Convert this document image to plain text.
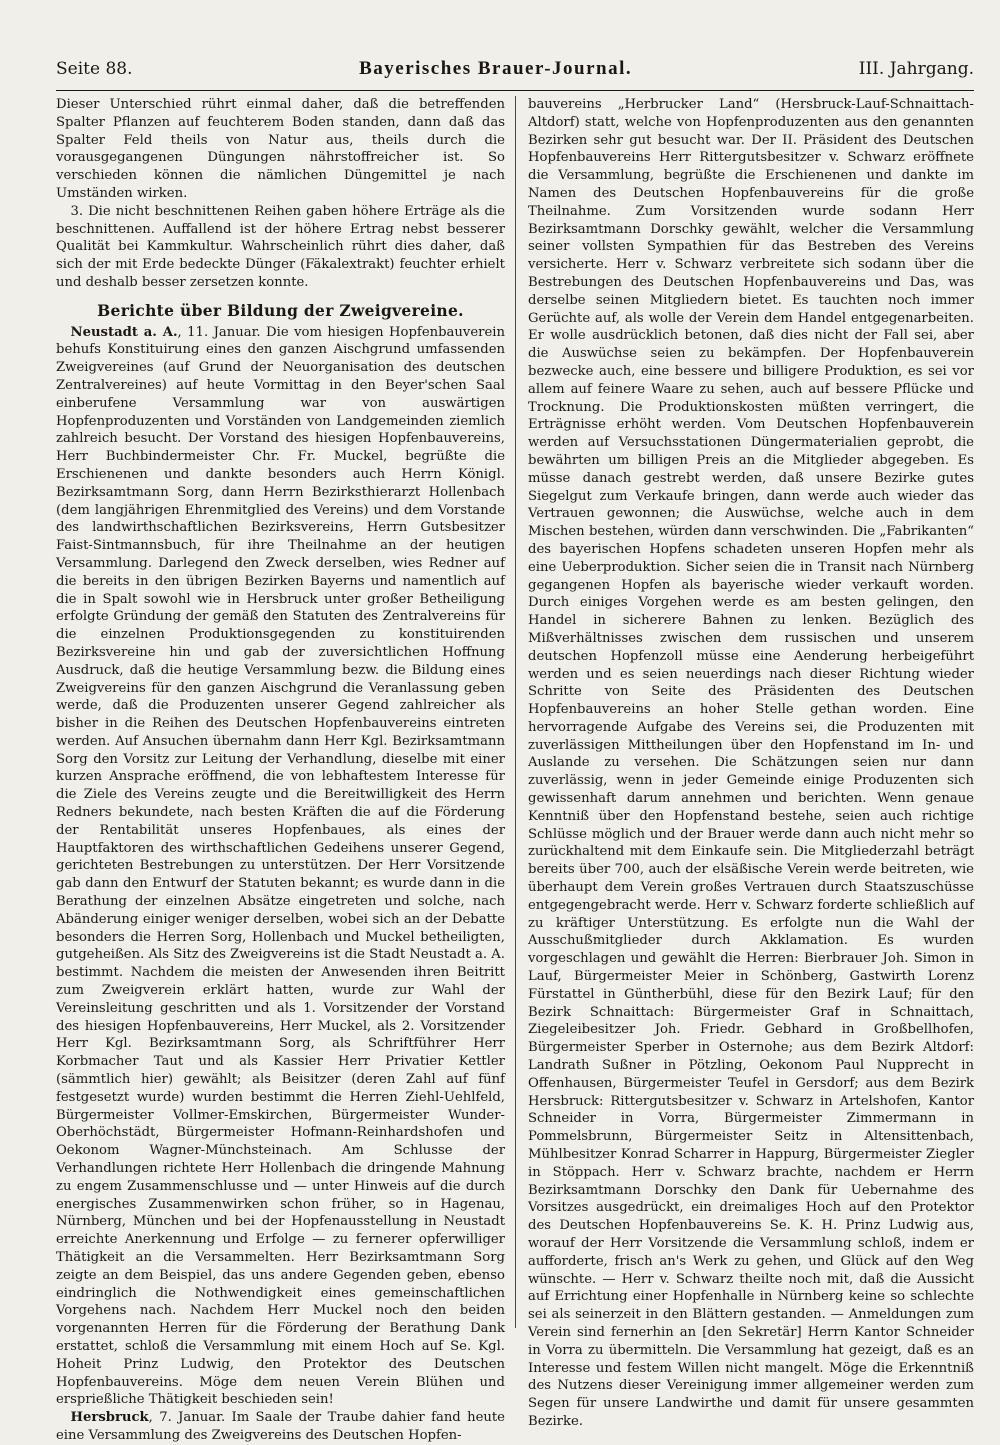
Seite 88.	Bayerisches Brauer-Journal.	III. Jahrgang.

Dieser Unterschied rührt einmal daher, daß die betreffenden Spalter Pflanzen auf feuchterem Boden standen, dann daß das Spalter Feld theils von Natur aus, theils durch die vorausgegangenen Düngungen nährstoffreicher ist. So verschieden können die nämlichen Düngemittel je nach Umständen wirken.

3. Die nicht beschnittenen Reihen gaben höhere Erträge als die beschnittenen. Auffallend ist der höhere Ertrag nebst besserer Qualität bei Kammkultur. Wahrscheinlich rührt dies daher, daß sich der mit Erde bedeckte Dünger (Fäkalextrakt) feuchter erhielt und deshalb besser zersetzen konnte.

Berichte über Bildung der Zweigvereine.

Neustadt a. A., 11. Januar. Die vom hiesigen Hopfenbauverein behufs Konstituirung eines den ganzen Aischgrund umfassenden Zweigvereines (auf Grund der Neuorganisation des deutschen Zentralvereines) auf heute Vormittag in den Beyer'schen Saal einberufene Versammlung war von auswärtigen Hopfenproduzenten und Vorständen von Landgemeinden ziemlich zahlreich besucht. Der Vorstand des hiesigen Hopfenbauvereins, Herr Buchbindermeister Chr. Fr. Muckel, begrüßte die Erschienenen und dankte besonders auch Herrn Königl. Bezirksamtmann Sorg, dann Herrn Bezirksthierarzt Hollenbach (dem langjährigen Ehrenmitglied des Vereins) und dem Vorstande des landwirthschaftlichen Bezirksvereins, Herrn Gutsbesitzer Faist-Sintmannsbuch, für ihre Theilnahme an der heutigen Versammlung. Darlegend den Zweck derselben, wies Redner auf die bereits in den übrigen Bezirken Bayerns und namentlich auf die in Spalt sowohl wie in Hersbruck unter großer Betheiligung erfolgte Gründung der gemäß den Statuten des Zentralvereins für die einzelnen Produktionsgegenden zu konstituirenden Bezirksvereine hin und gab der zuversichtlichen Hoffnung Ausdruck, daß die heutige Versammlung bezw. die Bildung eines Zweigvereins für den ganzen Aischgrund die Veranlassung geben werde, daß die Produzenten unserer Gegend zahlreicher als bisher in die Reihen des Deutschen Hopfenbauvereins eintreten werden. Auf Ansuchen übernahm dann Herr Kgl. Bezirksamtmann Sorg den Vorsitz zur Leitung der Verhandlung, dieselbe mit einer kurzen Ansprache eröffnend, die von lebhaftestem Interesse für die Ziele des Vereins zeugte und die Bereitwilligkeit des Herrn Redners bekundete, nach besten Kräften die auf die Förderung der Rentabilität unseres Hopfenbaues, als eines der Hauptfaktoren des wirthschaftlichen Gedeihens unserer Gegend, gerichteten Bestrebungen zu unterstützen. Der Herr Vorsitzende gab dann den Entwurf der Statuten bekannt; es wurde dann in die Berathung der einzelnen Absätze eingetreten und solche, nach Abänderung einiger weniger derselben, wobei sich an der Debatte besonders die Herren Sorg, Hollenbach und Muckel betheiligten, gutgeheißen. Als Sitz des Zweigvereins ist die Stadt Neustadt a. A. bestimmt. Nachdem die meisten der Anwesenden ihren Beitritt zum Zweigverein erklärt hatten, wurde zur Wahl der Vereinsleitung geschritten und als 1. Vorsitzender der Vorstand des hiesigen Hopfenbauvereins, Herr Muckel, als 2. Vorsitzender Herr Kgl. Bezirksamtmann Sorg, als Schriftführer Herr Korbmacher Taut und als Kassier Herr Privatier Kettler (sämmtlich hier) gewählt; als Beisitzer (deren Zahl auf fünf festgesetzt wurde) wurden bestimmt die Herren Ziehl-Uehlfeld, Bürgermeister Vollmer-Emskirchen, Bürgermeister Wunder-Oberhöchstädt, Bürgermeister Hofmann-Reinhardshofen und Oekonom Wagner-Münchsteinach. Am Schlusse der Verhandlungen richtete Herr Hollenbach die dringende Mahnung zu engem Zusammenschlusse und — unter Hinweis auf die durch energisches Zusammenwirken schon früher, so in Hagenau, Nürnberg, München und bei der Hopfenausstellung in Neustadt erreichte Anerkennung und Erfolge — zu fernerer opferwilliger Thätigkeit an die Versammelten. Herr Bezirksamtmann Sorg zeigte an dem Beispiel, das uns andere Gegenden geben, ebenso eindringlich die Nothwendigkeit eines gemeinschaftlichen Vorgehens nach. Nachdem Herr Muckel noch den beiden vorgenannten Herren für die Förderung der Berathung Dank erstattet, schloß die Versammlung mit einem Hoch auf Se. Kgl. Hoheit Prinz Ludwig, den Protektor des Deutschen Hopfenbauvereins. Möge dem neuen Verein Blühen und ersprießliche Thätigkeit beschieden sein!

Hersbruck, 7. Januar. Im Saale der Traube dahier fand heute eine Versammlung des Zweigvereins des Deutschen Hopfen-

bauvereins „Herbrucker Land“ (Hersbruck-Lauf-Schnaittach-Altdorf) statt, welche von Hopfenproduzenten aus den genannten Bezirken sehr gut besucht war. Der II. Präsident des Deutschen Hopfenbauvereins Herr Rittergutsbesitzer v. Schwarz eröffnete die Versammlung, begrüßte die Erschienenen und dankte im Namen des Deutschen Hopfenbauvereins für die große Theilnahme. Zum Vorsitzenden wurde sodann Herr Bezirksamtmann Dorschky gewählt, welcher die Versammlung seiner vollsten Sympathien für das Bestreben des Vereins versicherte. Herr v. Schwarz verbreitete sich sodann über die Bestrebungen des Deutschen Hopfenbauvereins und Das, was derselbe seinen Mitgliedern bietet. Es tauchten noch immer Gerüchte auf, als wolle der Verein dem Handel entgegenarbeiten. Er wolle ausdrücklich betonen, daß dies nicht der Fall sei, aber die Auswüchse seien zu bekämpfen. Der Hopfenbauverein bezwecke auch, eine bessere und billigere Produktion, es sei vor allem auf feinere Waare zu sehen, auch auf bessere Pflücke und Trocknung. Die Produktionskosten müßten verringert, die Erträgnisse erhöht werden. Vom Deutschen Hopfenbauverein werden auf Versuchsstationen Düngermaterialien geprobt, die bewährten um billigen Preis an die Mitglieder abgegeben. Es müsse danach gestrebt werden, daß unsere Bezirke gutes Siegelgut zum Verkaufe bringen, dann werde auch wieder das Vertrauen gewonnen; die Auswüchse, welche auch in dem Mischen bestehen, würden dann verschwinden. Die „Fabrikanten“ des bayerischen Hopfens schadeten unseren Hopfen mehr als eine Ueberproduktion. Sicher seien die in Transit nach Nürnberg gegangenen Hopfen als bayerische wieder verkauft worden. Durch einiges Vorgehen werde es am besten gelingen, den Handel in sicherere Bahnen zu lenken. Bezüglich des Mißverhältnisses zwischen dem russischen und unserem deutschen Hopfenzoll müsse eine Aenderung herbeigeführt werden und es seien neuerdings nach dieser Richtung wieder Schritte von Seite des Präsidenten des Deutschen Hopfenbauvereins an hoher Stelle gethan worden. Eine hervorragende Aufgabe des Vereins sei, die Produzenten mit zuverlässigen Mittheilungen über den Hopfenstand im In- und Auslande zu versehen. Die Schätzungen seien nur dann zuverlässig, wenn in jeder Gemeinde einige Produzenten sich gewissenhaft darum annehmen und berichten. Wenn genaue Kenntniß über den Hopfenstand bestehe, seien auch richtige Schlüsse möglich und der Brauer werde dann auch nicht mehr so zurückhaltend mit dem Einkaufe sein. Die Mitgliederzahl beträgt bereits über 700, auch der elsäßische Verein werde beitreten, wie überhaupt dem Verein großes Vertrauen durch Staatszuschüsse entgegengebracht werde. Herr v. Schwarz forderte schließlich auf zu kräftiger Unterstützung. Es erfolgte nun die Wahl der Ausschußmitglieder durch Akklamation. Es wurden vorgeschlagen und gewählt die Herren: Bierbrauer Joh. Simon in Lauf, Bürgermeister Meier in Schönberg, Gastwirth Lorenz Fürstattel in Güntherbühl, diese für den Bezirk Lauf; für den Bezirk Schnaittach: Bürgermeister Graf in Schnaittach, Ziegeleibesitzer Joh. Friedr. Gebhard in Großbellhofen, Bürgermeister Sperber in Osternohe; aus dem Bezirk Altdorf: Landrath Sußner in Pötzling, Oekonom Paul Nupprecht in Offenhausen, Bürgermeister Teufel in Gersdorf; aus dem Bezirk Hersbruck: Rittergutsbesitzer v. Schwarz in Artelshofen, Kantor Schneider in Vorra, Bürgermeister Zimmermann in Pommelsbrunn, Bürgermeister Seitz in Altensittenbach, Mühlbesitzer Konrad Scharrer in Happurg, Bürgermeister Ziegler in Stöppach. Herr v. Schwarz brachte, nachdem er Herrn Bezirksamtmann Dorschky den Dank für Uebernahme des Vorsitzes ausgedrückt, ein dreimaliges Hoch auf den Protektor des Deutschen Hopfenbauvereins Se. K. H. Prinz Ludwig aus, worauf der Herr Vorsitzende die Versammlung schloß, indem er aufforderte, frisch an's Werk zu gehen, und Glück auf den Weg wünschte. — Herr v. Schwarz theilte noch mit, daß die Aussicht auf Errichtung einer Hopfenhalle in Nürnberg keine so schlechte sei als seinerzeit in den Blättern gestanden. — Anmeldungen zum Verein sind fernerhin an [den Sekretär] Herrn Kantor Schneider in Vorra zu übermitteln. Die Versammlung hat gezeigt, daß es an Interesse und festem Willen nicht mangelt. Möge die Erkenntniß des Nutzens dieser Vereinigung immer allgemeiner werden zum Segen für unsere Landwirthe und damit für unsere gesammten Bezirke.
